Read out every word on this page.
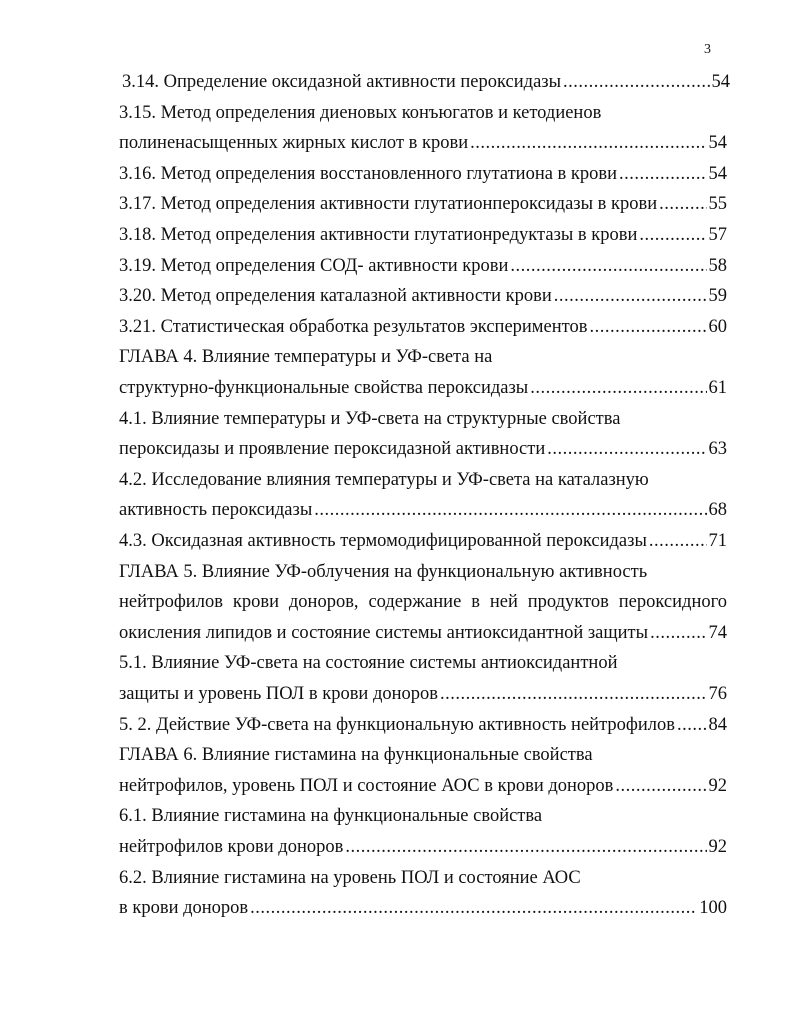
3
3.14. Определение оксидазной активности пероксидазы .....	54
3.15. Метод определения диеновых конъюгатов и кетодиенов
полиненасыщенных жирных кислот в крови .....	54
3.16. Метод определения восстановленного глутатиона в крови .....	54
3.17. Метод определения активности глутатионпероксидазы в крови .....	55
3.18. Метод определения активности глутатионредуктазы в крови .....	57
3.19. Метод определения СОД- активности крови .....	58
3.20. Метод определения каталазной активности крови .....	59
3.21. Статистическая обработка результатов экспериментов .....	60
ГЛАВА 4. Влияние температуры и УФ-света на
структурно-функциональные свойства пероксидазы .....	61
4.1. Влияние температуры и УФ-света на структурные свойства
пероксидазы и проявление пероксидазной активности .....	63
4.2. Исследование влияния температуры и УФ-света на каталазную
активность пероксидазы .....	68
4.3. Оксидазная активность термомодифицированной пероксидазы .....	71
ГЛАВА 5. Влияние УФ-облучения на функциональную активность
нейтрофилов крови доноров, содержание в ней продуктов пероксидного
окисления липидов и состояние системы антиоксидантной защиты .....	74
5.1. Влияние УФ-света на состояние системы антиоксидантной
защиты и уровень ПОЛ в крови доноров .....	76
5. 2. Действие УФ-света на функциональную активность нейтрофилов ..... 84
ГЛАВА 6. Влияние гистамина на функциональные свойства
нейтрофилов, уровень ПОЛ и состояние АОС в крови доноров .....	92
6.1. Влияние гистамина на функциональные свойства
нейтрофилов крови доноров .....	92
6.2. Влияние гистамина на уровень ПОЛ и состояние АОС
в крови доноров .....	100
